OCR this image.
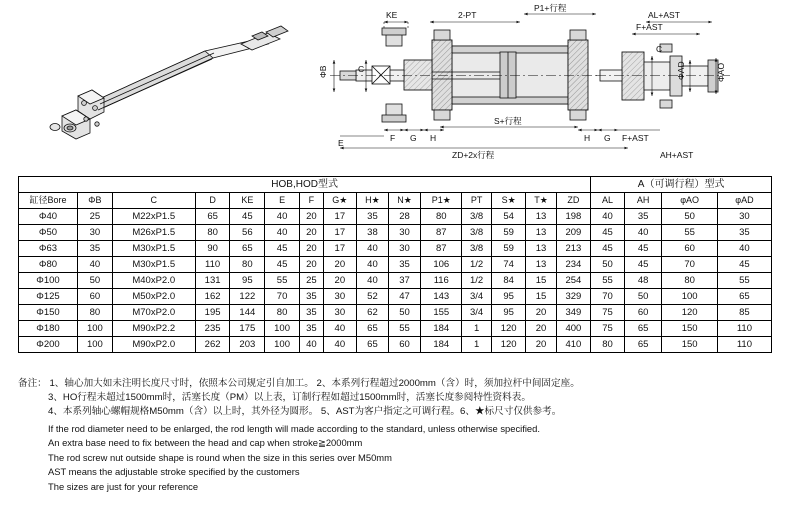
KE	2-PT
P1+行程
AL+AST
F+AST
ΦB	ΦAD	ΦAO
C
C
S+行程
ZD+2x行程
F+AST
AH+AST
E	F G H	H G
HOB,HOD型式															A（可调行程）型式			
缸径Bore	ΦB	C	D	KE	E	F	G★	H★	N★	P1★	PT	S★	T★	ZD	AL	AH	φAO	φAD
Φ40	25	M22xP1.5	65	45	40	20	17	35	28	80	3/8	54	13	198	40	35	50	30
Φ50	30	M26xP1.5	80	56	40	20	17	38	30	87	3/8	59	13	209	45	40	55	35
Φ63	35	M30xP1.5	90	65	45	20	17	40	30	87	3/8	59	13	213	45	45	60	40
Φ80	40	M30xP1.5	110	80	45	20	20	40	35	106	1/2	74	13	234	50	45	70	45
Φ100	50	M40xP2.0	131	95	55	25	20	40	37	116	1/2	84	15	254	55	48	80	55
Φ125	60	M50xP2.0	162	122	70	35	30	52	47	143	3/4	95	15	329	70	50	100	65
Φ150	80	M70xP2.0	195	144	80	35	30	62	50	155	3/4	95	20	349	75	60	120	85
Φ180	100	M90xP2.2	235	175	100	35	40	65	55	184	1	120	20	400	75	65	150	110
Φ200	100	M90xP2.0	262	203	100	40	40	65	60	184	1	120	20	410	80	65	150	110
备注： 1、轴心加大如未注明长度尺寸时，依照本公司规定引自加工。 2、本系列行程超过2000mm（含）时，须加拉杆中间固定座。
3、HO行程未超过1500mm时，活塞长度（PM）以上表，订制行程如超过1500mm时，活塞长度参阅特性资料表。
4、本系列轴心螺帽规格M50mm（含）以上时，其外径为圆形。 5、AST为客户指定之可调行程。6、★标尺寸仅供参考。
If the rod diameter need to be enlarged, the rod length will made according to the standard, unless otherwise specified.
An extra base need to fix between the head and cap when stroke≧2000mm
The rod screw nut outside shape is round when the size in this series over M50mm
AST means the adjustable stroke specified by the customers
The sizes are just for your reference
